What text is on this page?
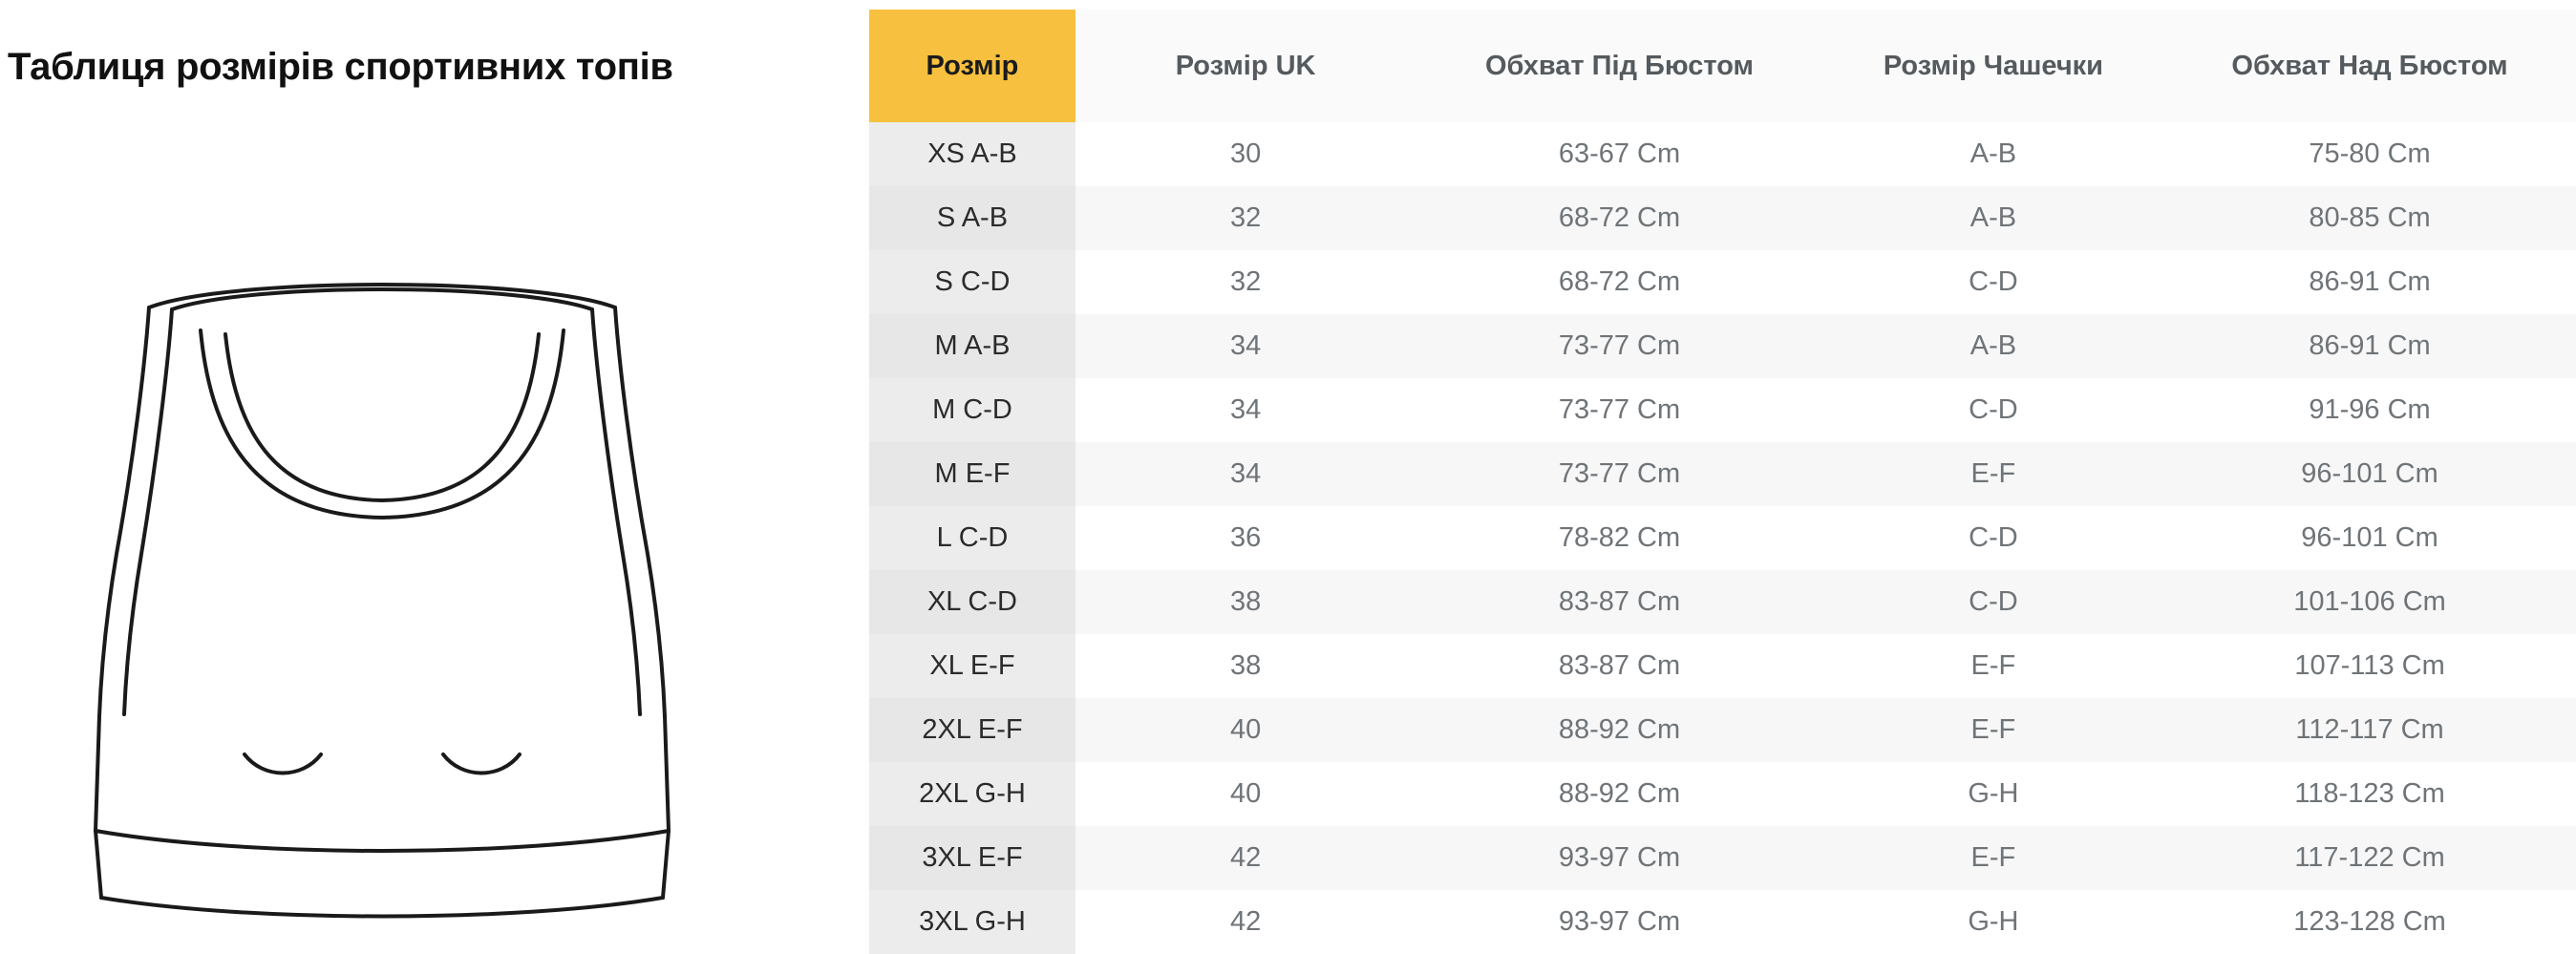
Таблиця розмірів спортивних топів	Розмір	Розмір UK	Обхват Під Бюстом	Розмір Чашечки	Обхват Над Бюстом
XS A-B	30	63-67 Cm	A-B	75-80 Cm
S A-B	32	68-72 Cm	A-B	80-85 Cm
S C-D	32	68-72 Cm	C-D	86-91 Cm
M A-B	34	73-77 Cm	A-B	86-91 Cm
M C-D	34	73-77 Cm	C-D	91-96 Cm
M E-F	34	73-77 Cm	E-F	96-101 Cm
L C-D	36	78-82 Cm	C-D	96-101 Cm
XL C-D	38	83-87 Cm	C-D	101-106 Cm
XL E-F	38	83-87 Cm	E-F	107-113 Cm
2XL E-F	40	88-92 Cm	E-F	112-117 Cm
2XL G-H	40	88-92 Cm	G-H	118-123 Cm
3XL E-F	42	93-97 Cm	E-F	117-122 Cm
3XL G-H	42	93-97 Cm	G-H	123-128 Cm
